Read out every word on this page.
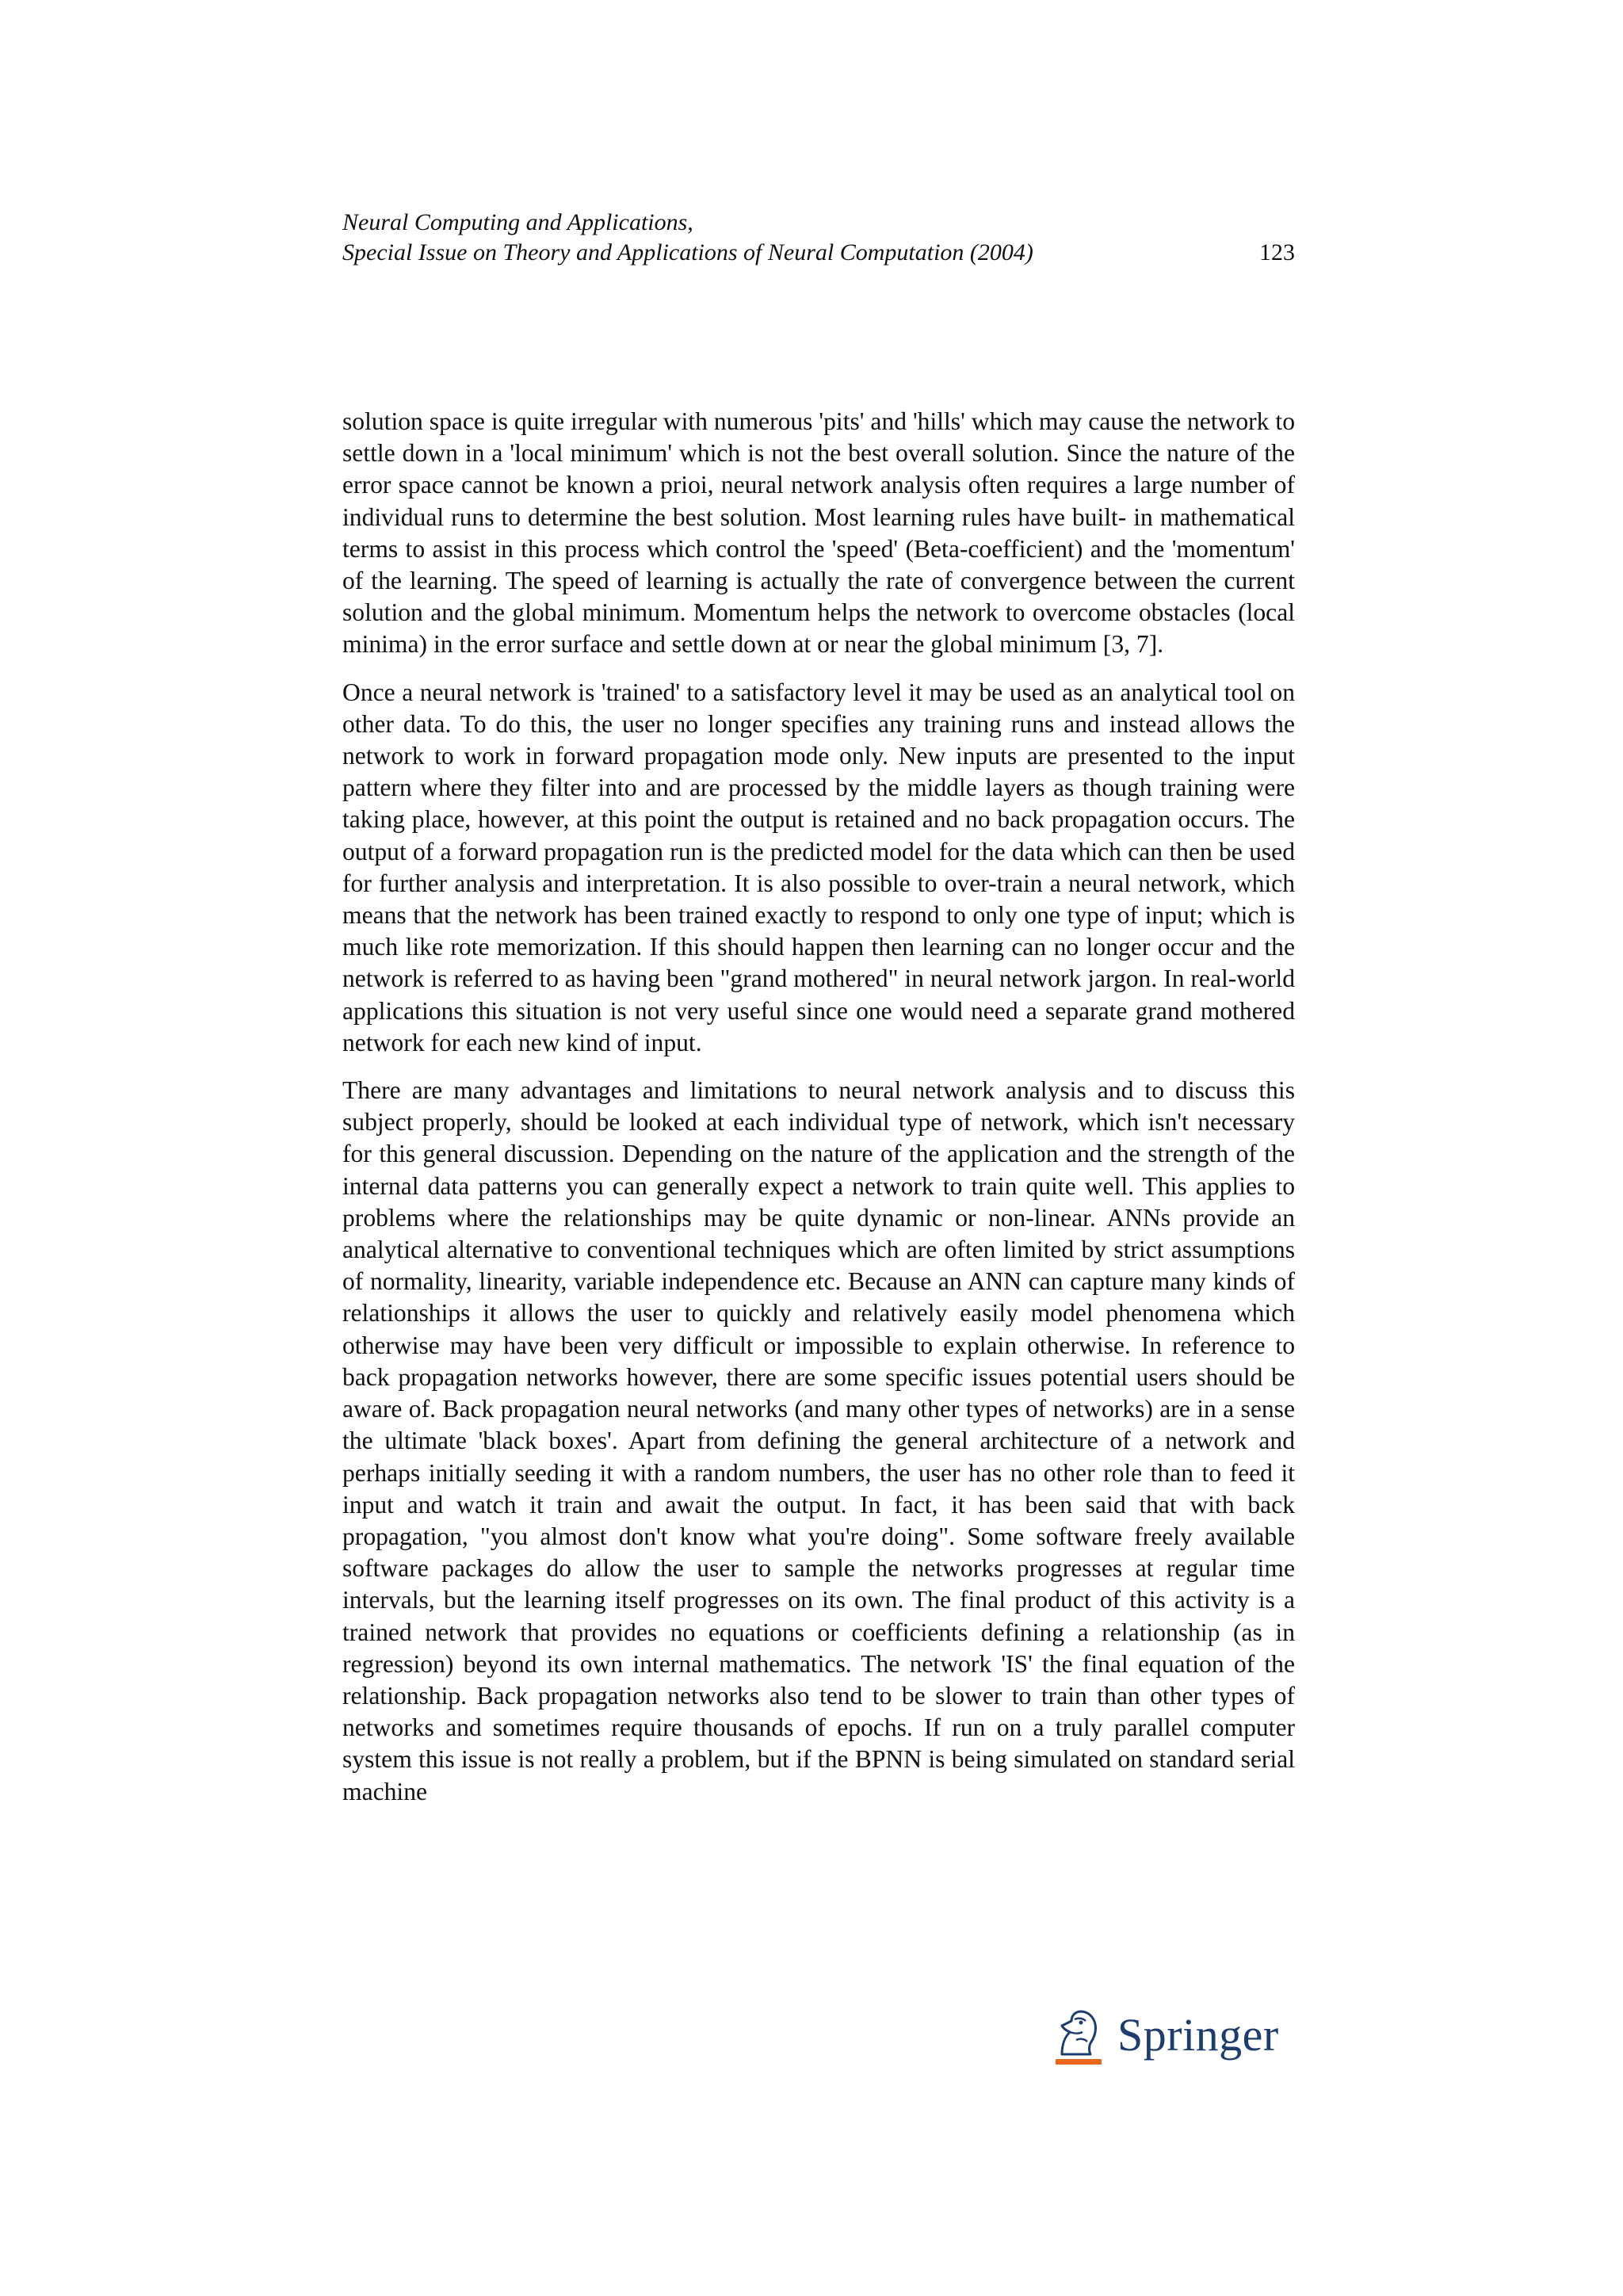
Neural Computing and Applications,
Special Issue on Theory and Applications of Neural Computation (2004)	123

solution space is quite irregular with numerous 'pits' and 'hills' which may cause the network to settle down in a 'local minimum' which is not the best overall solution. Since the nature of the error space cannot be known a prioi, neural network analysis often requires a large number of individual runs to determine the best solution. Most learning rules have built- in mathematical terms to assist in this process which control the 'speed' (Beta-coefficient) and the 'momentum' of the learning. The speed of learning is actually the rate of convergence between the current solution and the global minimum. Momentum helps the network to overcome obstacles (local minima) in the error surface and settle down at or near the global minimum [3, 7].

Once a neural network is 'trained' to a satisfactory level it may be used as an analytical tool on other data. To do this, the user no longer specifies any training runs and instead allows the network to work in forward propagation mode only. New inputs are presented to the input pattern where they filter into and are processed by the middle layers as though training were taking place, however, at this point the output is retained and no back propagation occurs. The output of a forward propagation run is the predicted model for the data which can then be used for further analysis and interpretation. It is also possible to over-train a neural network, which means that the network has been trained exactly to respond to only one type of input; which is much like rote memorization. If this should happen then learning can no longer occur and the network is referred to as having been "grand mothered" in neural network jargon. In real-world applications this situation is not very useful since one would need a separate grand mothered network for each new kind of input.

There are many advantages and limitations to neural network analysis and to discuss this subject properly, should be looked at each individual type of network, which isn't necessary for this general discussion. Depending on the nature of the application and the strength of the internal data patterns you can generally expect a network to train quite well. This applies to problems where the relationships may be quite dynamic or non-linear. ANNs provide an analytical alternative to conventional techniques which are often limited by strict assumptions of normality, linearity, variable independence etc. Because an ANN can capture many kinds of relationships it allows the user to quickly and relatively easily model phenomena which otherwise may have been very difficult or impossible to explain otherwise. In reference to back propagation networks however, there are some specific issues potential users should be aware of. Back propagation neural networks (and many other types of networks) are in a sense the ultimate 'black boxes'. Apart from defining the general architecture of a network and perhaps initially seeding it with a random numbers, the user has no other role than to feed it input and watch it train and await the output. In fact, it has been said that with back propagation, "you almost don't know what you're doing". Some software freely available software packages do allow the user to sample the networks progresses at regular time intervals, but the learning itself progresses on its own. The final product of this activity is a trained network that provides no equations or coefficients defining a relationship (as in regression) beyond its own internal mathematics. The network 'IS' the final equation of the relationship. Back propagation networks also tend to be slower to train than other types of networks and sometimes require thousands of epochs. If run on a truly parallel computer system this issue is not really a problem, but if the BPNN is being simulated on standard serial machine

Springer
